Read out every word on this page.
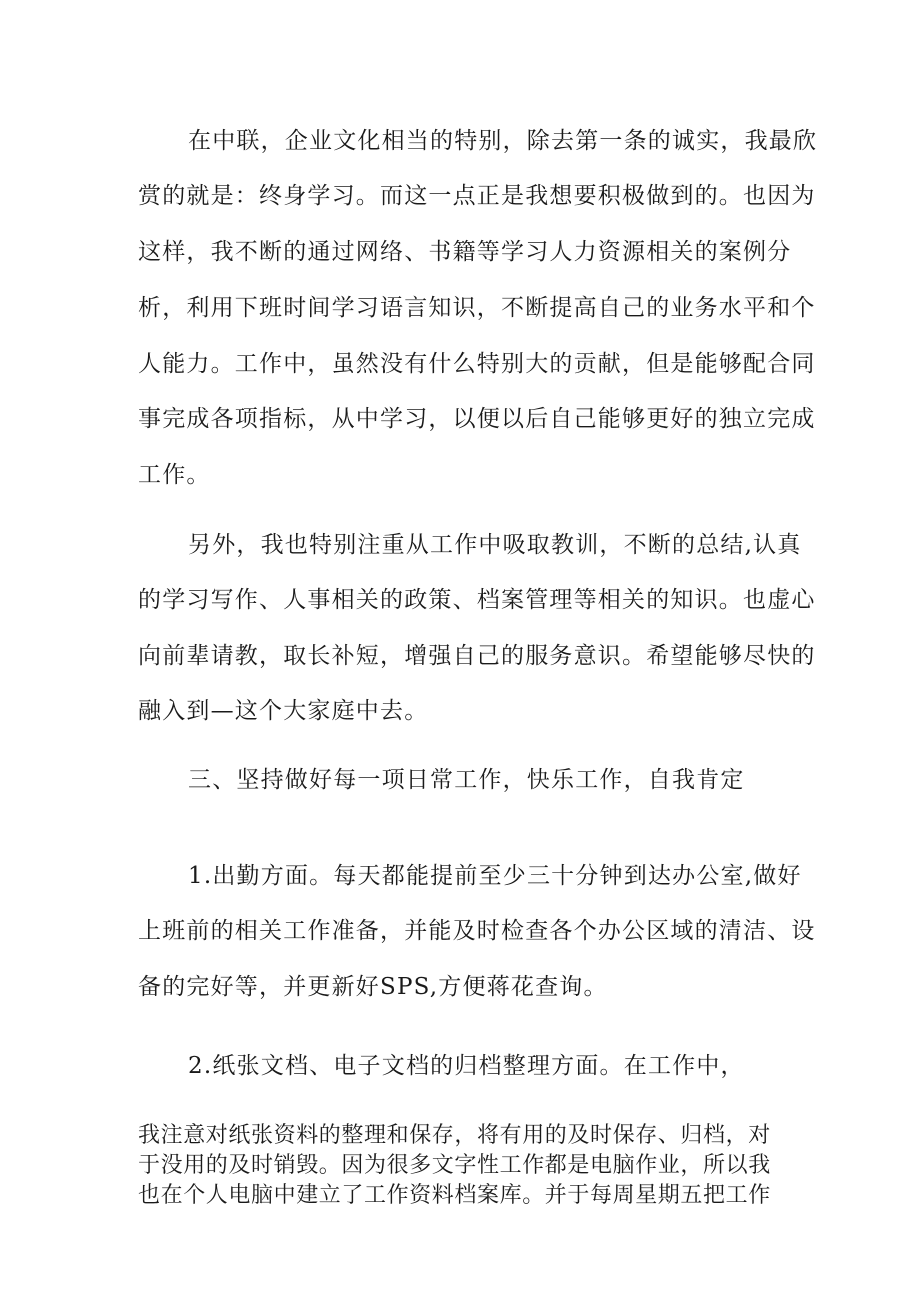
在中联，企业文化相当的特别，除去第一条的诚实，我最欣
赏的就是：终身学习。而这一点正是我想要积极做到的。也因为
这样，我不断的通过网络、书籍等学习人力资源相关的案例分
析，利用下班时间学习语言知识，不断提高自己的业务水平和个
人能力。工作中，虽然没有什么特别大的贡献，但是能够配合同
事完成各项指标，从中学习，以便以后自己能够更好的独立完成
工作。
另外，我也特别注重从工作中吸取教训，不断的总结,认真
的学习写作、人事相关的政策、档案管理等相关的知识。也虚心
向前辈请教，取长补短，增强自己的服务意识。希望能够尽快的
融入到—这个大家庭中去。
三、坚持做好每一项日常工作，快乐工作，自我肯定
1.出勤方面。每天都能提前至少三十分钟到达办公室,做好
上班前的相关工作准备，并能及时检查各个办公区域的清洁、设
备的完好等，并更新好SPS,方便蒋花查询。
2.纸张文档、电子文档的归档整理方面。在工作中，
我注意对纸张资料的整理和保存，将有用的及时保存、归档，对
于没用的及时销毁。因为很多文字性工作都是电脑作业，所以我
也在个人电脑中建立了工作资料档案库。并于每周星期五把工作
